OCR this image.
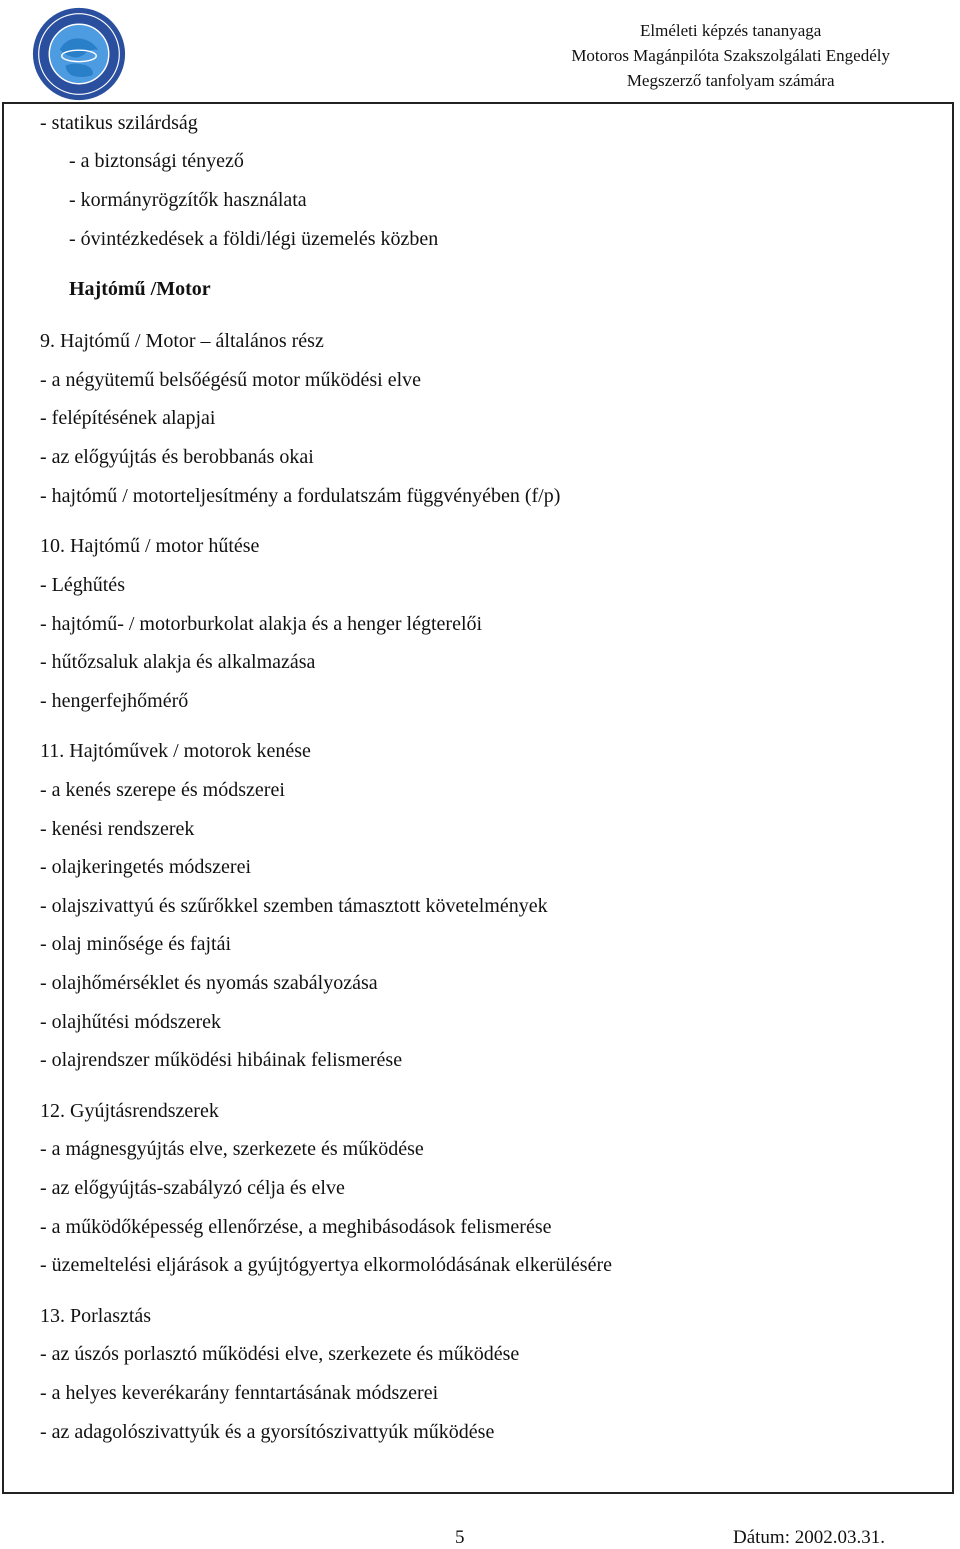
Elméleti képzés tananyaga
Motoros Magánpilóta Szakszolgálati Engedély
Megszerző tanfolyam számára
- statikus szilárdság
- a biztonsági tényező
- kormányrögzítők használata
- óvintézkedések a földi/légi üzemelés közben
Hajtómű /Motor
9. Hajtómű / Motor – általános rész
- a négyütemű belsőégésű motor működési elve
- felépítésének alapjai
- az előgyújtás és berobbanás okai
- hajtómű / motorteljesítmény a fordulatszám függvényében (f/p)
10. Hajtómű / motor hűtése
- Léghűtés
- hajtómű- / motorburkolat alakja és a henger légterelői
- hűtőzsaluk alakja és alkalmazása
- hengerfejhőmérő
11. Hajtóművek / motorok kenése
- a kenés szerepe és módszerei
- kenési rendszerek
- olajkeringetés módszerei
- olajszivattyú és szűrőkkel szemben támasztott követelmények
- olaj minősége és fajtái
- olajhőmérséklet és nyomás szabályozása
- olajhűtési módszerek
- olajrendszer működési hibáinak felismerése
12. Gyújtásrendszerek
- a mágnesgyújtás elve, szerkezete és működése
- az előgyújtás-szabályzó célja és elve
- a működőképesség ellenőrzése, a meghibásodások felismerése
- üzemeltelési eljárások a gyújtógyertya elkormolódásának elkerülésére
13. Porlasztás
- az úszós porlasztó működési elve, szerkezete és működése
- a helyes keverékarány fenntartásának módszerei
- az adagolószivattyúk és a gyorsítószivattyúk működése
5	Dátum: 2002.03.31.
